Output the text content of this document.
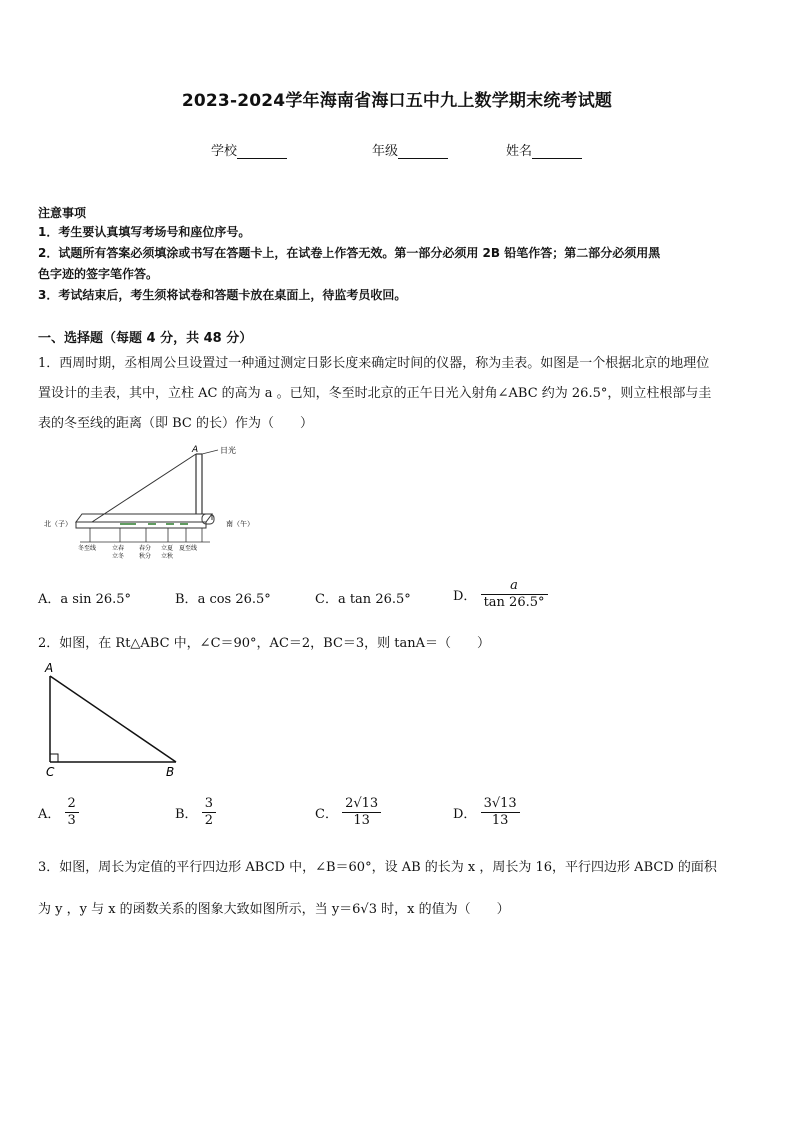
2023-2024学年海南省海口五中九上数学期末统考试题
学校	年级	姓名
注意事项
1．考生要认真填写考场号和座位序号。
2．试题所有答案必须填涂或书写在答题卡上，在试卷上作答无效。第一部分必须用 2B 铅笔作答；第二部分必须用黑
色字迹的签字笔作答。
3．考试结束后，考生须将试卷和答题卡放在桌面上，待监考员收回。
一、选择题（每题 4 分，共 48 分）
1．西周时期，丞相周公旦设置过一种通过测定日影长度来确定时间的仪器，称为圭表。如图是一个根据北京的地理位
置设计的圭表，其中，立柱 AC 的高为 a 。已知，冬至时北京的正午日光入射角∠ABC 约为 26.5°，则立柱根部与圭
表的冬至线的距离（即 BC 的长）作为（　　）
日光
A
北（子）	南（午）
冬至线	立春
立冬
春分
秋分
立夏
立秋
夏至线
A．a sin 26.5°	B．a cos 26.5°	C．a tan 26.5°	D． $\frac{a}{\tan 26.5^\circ}$
2．如图，在 Rt△ABC 中，∠C＝90°，AC＝2，BC＝3，则 tanA＝（　　）
A
C	B
A． $\frac{2}{3}$	B． $\frac{3}{2}$	C． $\frac{2√13}{13}$	D． $\frac{3√13}{13}$
3．如图，周长为定值的平行四边形 ABCD 中，∠B＝60°，设 AB 的长为 x ，周长为 16，平行四边形 ABCD 的面积
为 y ，y 与 x 的函数关系的图象大致如图所示，当 y＝6√3 时，x 的值为（　　）
